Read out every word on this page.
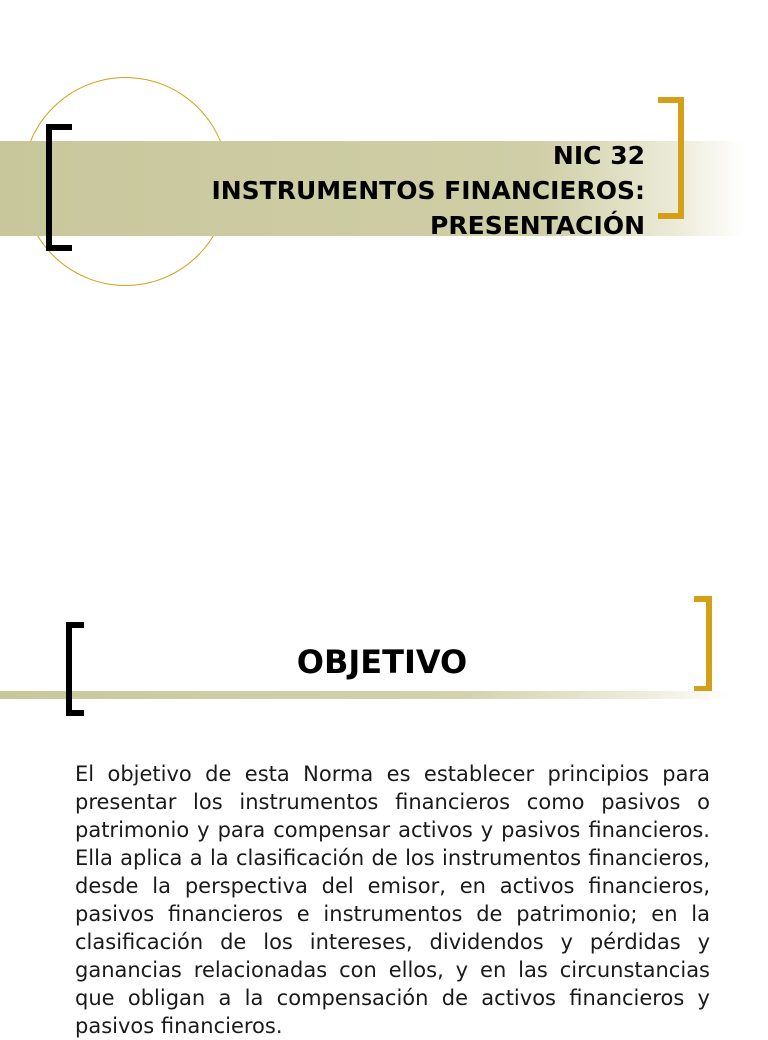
NIC 32
INSTRUMENTOS FINANCIEROS:
PRESENTACIÓN
OBJETIVO

El objetivo de esta Norma es establecer principios para presentar los instrumentos financieros como pasivos o patrimonio y para compensar activos y pasivos financieros. Ella aplica a la clasificación de los instrumentos financieros, desde la perspectiva del emisor, en activos financieros, pasivos financieros e instrumentos de patrimonio; en la clasificación de los intereses, dividendos y pérdidas y ganancias relacionadas con ellos, y en las circunstancias que obligan a la compensación de activos financieros y pasivos financieros.
